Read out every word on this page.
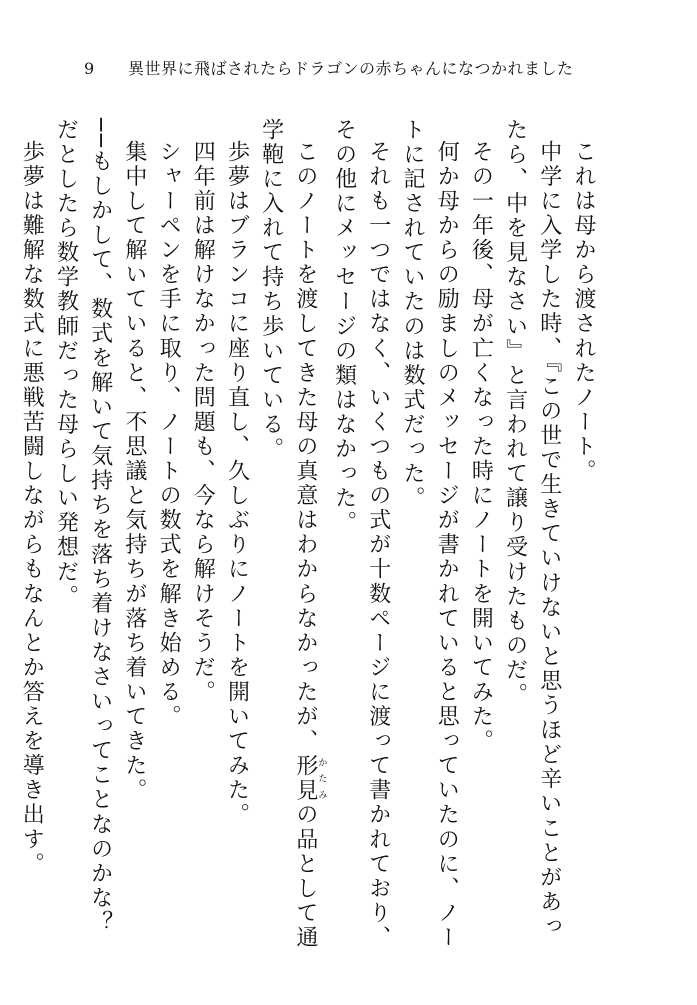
9 異世界に飛ばされたらドラゴンの赤ちゃんになつかれました

これは母から渡されたノート。

中学に入学した時、『この世で生きていけないと思うほど辛いことがあったら、中を見なさい』と言われて譲り受けたものだ。

その一年後、母が亡くなった時にノートを開いてみた。

何か母からの励ましのメッセージが書かれていると思っていたのに、ノートに記されていたのは数式だった。

それも一つではなく、いくつもの式が十数ページに渡って書かれており、その他にメッセージの類はなかった。

このノートを渡してきた母の真意はわからなかったが、形見かたみの品として通学鞄に入れて持ち歩いている。

歩夢はブランコに座り直し、久しぶりにノートを開いてみた。

四年前は解けなかった問題も、今なら解けそうだ。

シャーペンを手に取り、ノートの数式を解き始める。

集中して解いていると、不思議と気持ちが落ち着いてきた。

──もしかして、数式を解いて気持ちを落ち着けなさいってことなのかな？

だとしたら数学教師だった母らしい発想だ。

歩夢は難解な数式に悪戦苦闘しながらもなんとか答えを導き出す。
